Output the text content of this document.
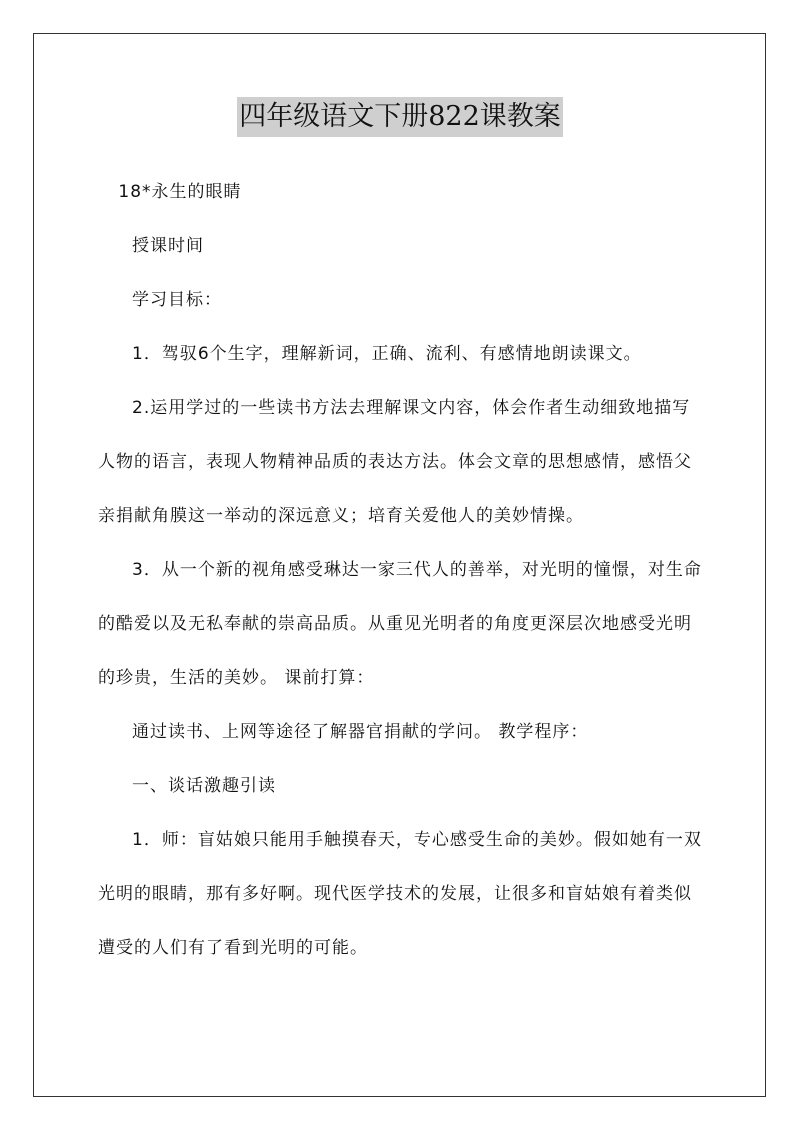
四年级语文下册822课教案

18*永生的眼睛

授课时间

学习目标：

1．驾驭6个生字，理解新词，正确、流利、有感情地朗读课文。

2.运用学过的一些读书方法去理解课文内容，体会作者生动细致地描写人物的语言，表现人物精神品质的表达方法。体会文章的思想感情，感悟父亲捐献角膜这一举动的深远意义；培育关爱他人的美妙情操。

3．从一个新的视角感受琳达一家三代人的善举，对光明的憧憬，对生命的酷爱以及无私奉献的崇高品质。从重见光明者的角度更深层次地感受光明的珍贵，生活的美妙。 课前打算：

通过读书、上网等途径了解器官捐献的学问。 教学程序：

一、谈话激趣引读

1．师：盲姑娘只能用手触摸春天，专心感受生命的美妙。假如她有一双光明的眼睛，那有多好啊。现代医学技术的发展，让很多和盲姑娘有着类似遭受的人们有了看到光明的可能。
